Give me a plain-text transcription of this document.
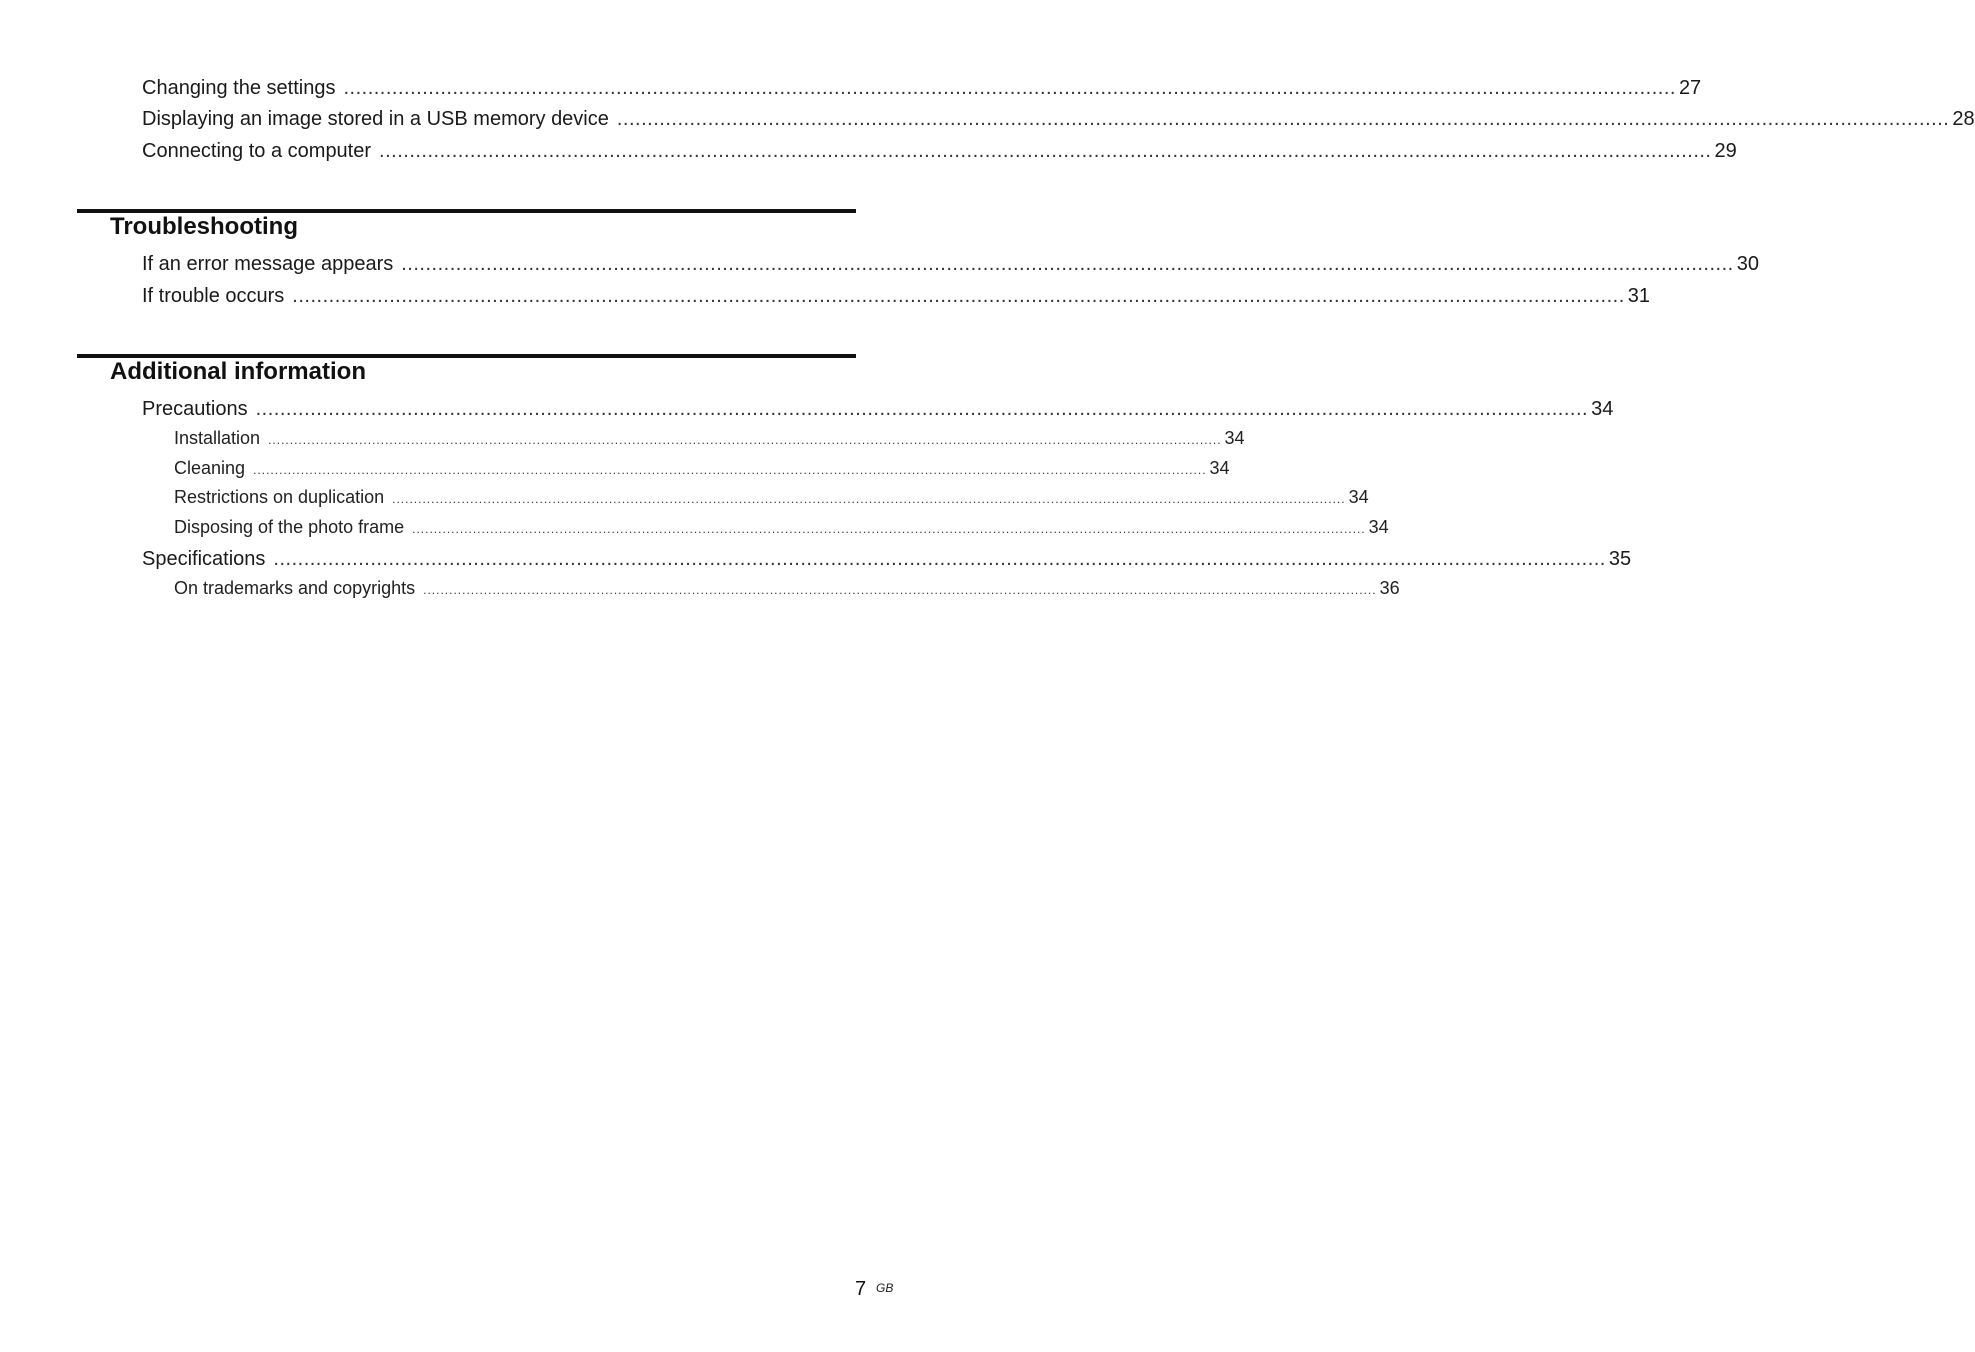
Changing the settings ............................................................................................................................................................................................................................ 27
Displaying an image stored in a USB memory device ............................................................................................................................................................................................................................ 28
Connecting to a computer ............................................................................................................................................................................................................................ 29
Troubleshooting
If an error message appears ............................................................................................................................................................................................................................ 30
If trouble occurs ............................................................................................................................................................................................................................ 31
Additional information
Precautions ............................................................................................................................................................................................................................ 34
Installation ............................................................................................................................................................................................................................ 34
Cleaning ............................................................................................................................................................................................................................ 34
Restrictions on duplication ............................................................................................................................................................................................................................ 34
Disposing of the photo frame ............................................................................................................................................................................................................................ 34
Specifications ............................................................................................................................................................................................................................ 35
On trademarks and copyrights ............................................................................................................................................................................................................................ 36
7 GB
